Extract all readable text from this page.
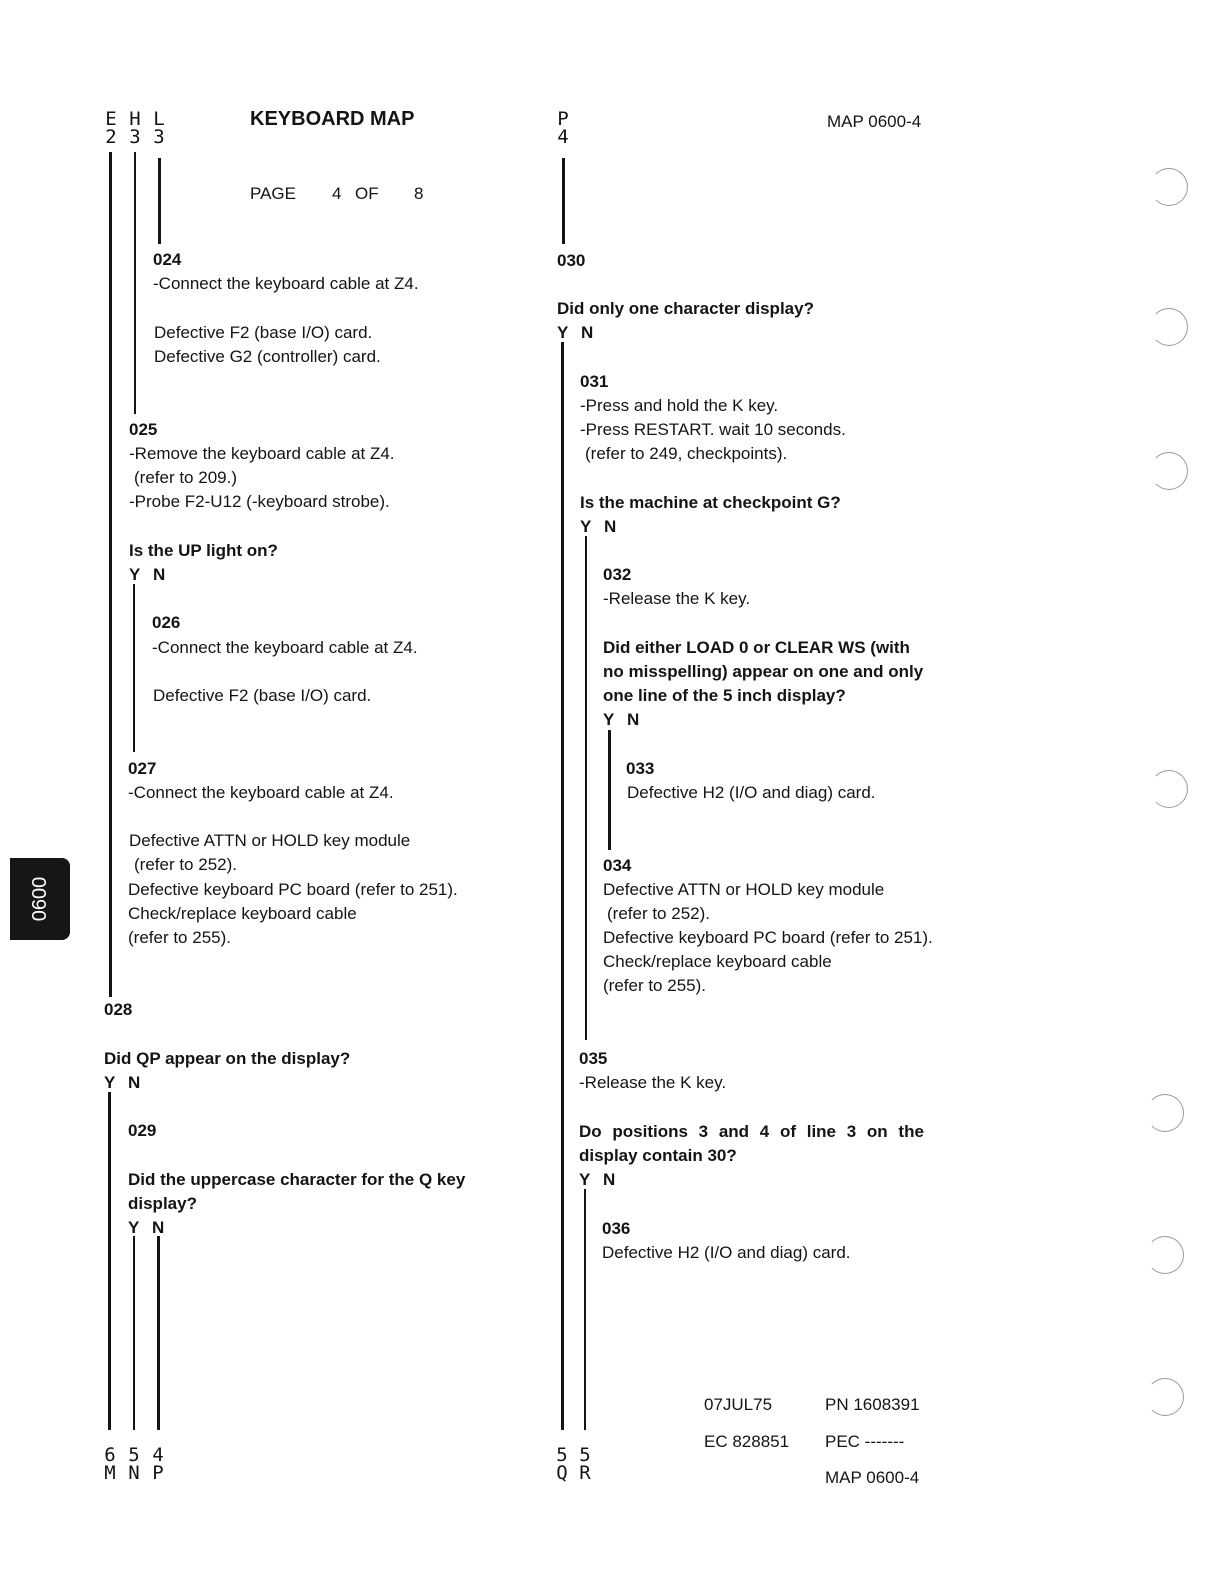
E
2
H
3
L
3
KEYBOARD MAP
PAGE 4 OF 8
P
4
MAP 0600-4
024
-Connect the keyboard cable at Z4.
Defective F2 (base I/O) card.
Defective G2 (controller) card.
025
-Remove the keyboard cable at Z4.
(refer to 209.)
-Probe F2-U12 (-keyboard strobe).
Is the UP light on?
Y N
026
-Connect the keyboard cable at Z4.
Defective F2 (base I/O) card.
027
-Connect the keyboard cable at Z4.
Defective ATTN or HOLD key module
(refer to 252).
Defective keyboard PC board (refer to 251).
Check/replace keyboard cable
(refer to 255).
028
Did QP appear on the display?
Y N
029
Did the uppercase character for the Q key
display?
Y N
030
Did only one character display?
Y N
031
-Press and hold the K key.
-Press RESTART. wait 10 seconds.
(refer to 249, checkpoints).
Is the machine at checkpoint G?
Y N
032
-Release the K key.
Did either LOAD 0 or CLEAR WS (with
no misspelling) appear on one and only
one line of the 5 inch display?
Y N
033
Defective H2 (I/O and diag) card.
034
Defective ATTN or HOLD key module
(refer to 252).
Defective keyboard PC board (refer to 251).
Check/replace keyboard cable
(refer to 255).
035
-Release the K key.
Do positions 3 and 4 of line 3 on the
display contain 30?
Y N
036
Defective H2 (I/O and diag) card.
6
M
5
N
4
P
5
Q
5
R
07JUL75	PN 1608391
EC 828851 PEC -------
MAP 0600-4
0600
